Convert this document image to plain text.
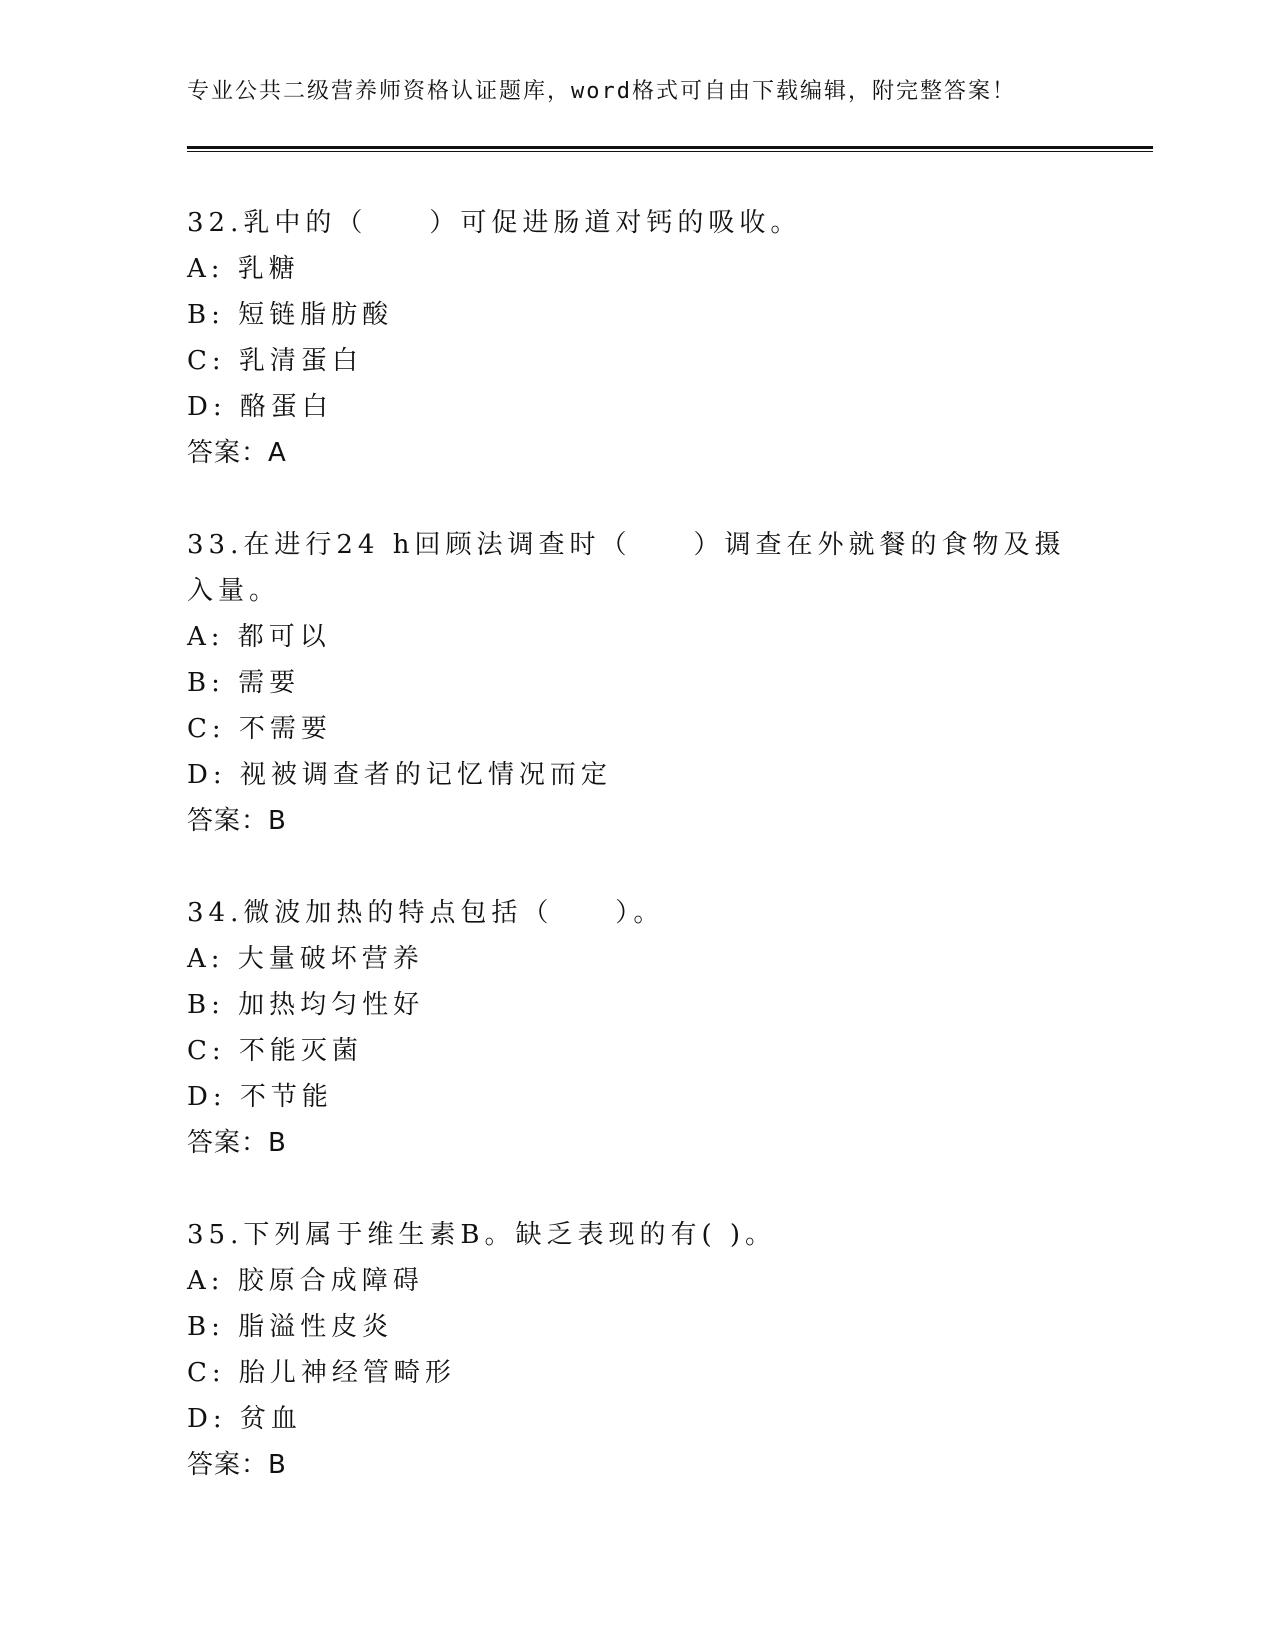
专业公共二级营养师资格认证题库，word格式可自由下载编辑，附完整答案！
32.乳中的（　　）可促进肠道对钙的吸收。
A: 乳糖
B: 短链脂肪酸
C: 乳清蛋白
D: 酪蛋白
答案：A
33.在进行24 h回顾法调查时（　　）调查在外就餐的食物及摄入量。
A: 都可以
B: 需要
C: 不需要
D: 视被调查者的记忆情况而定
答案：B
34.微波加热的特点包括（　　）。
A: 大量破坏营养
B: 加热均匀性好
C: 不能灭菌
D: 不节能
答案：B
35.下列属于维生素B。缺乏表现的有( )。
A: 胶原合成障碍
B: 脂溢性皮炎
C: 胎儿神经管畸形
D: 贫血
答案：B
